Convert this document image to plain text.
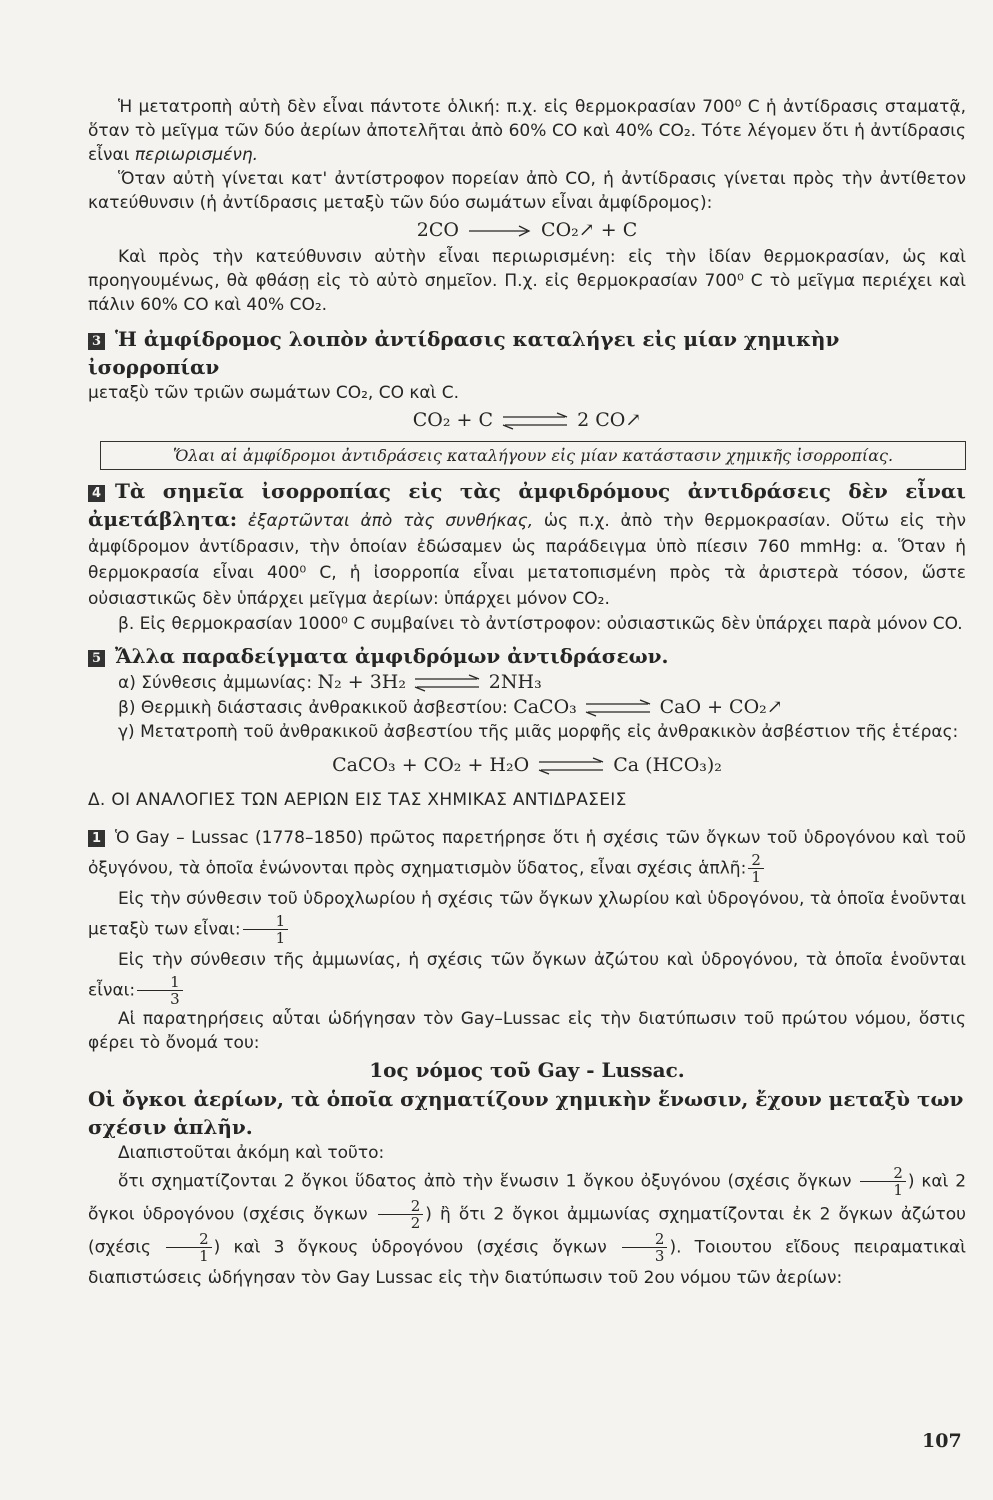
Ἡ μετατροπὴ αὐτὴ δὲν εἶναι πάντοτε ὁλική: π.χ. εἰς θερμοκρασίαν 700⁰ C ἡ ἀντίδρασις σταματᾷ, ὅταν τὸ μεῖγμα τῶν δύο ἀερίων ἀποτελῆται ἀπὸ 60% CO καὶ 40% CO₂. Τότε λέγομεν ὅτι ἡ ἀντίδρασις εἶναι περιωρισμένη.

Ὅταν αὐτὴ γίνεται κατ' ἀντίστροφον πορείαν ἀπὸ CO, ἡ ἀντίδρασις γίνεται πρὸς τὴν ἀντίθετον κατεύθυνσιν (ἡ ἀντίδρασις μεταξὺ τῶν δύο σωμάτων εἶναι ἀμφίδρομος):

2CO	CO₂↗ + C

Καὶ πρὸς τὴν κατεύθυνσιν αὐτὴν εἶναι περιωρισμένη: εἰς τὴν ἰδίαν θερμοκρασίαν, ὡς καὶ προηγουμένως, θὰ φθάσῃ εἰς τὸ αὐτὸ σημεῖον. Π.χ. εἰς θερμοκρασίαν 700⁰ C τὸ μεῖγμα περιέχει καὶ πάλιν 60% CO καὶ 40% CO₂.

3 Ἡ ἀμφίδρομος λοιπὸν ἀντίδρασις καταλήγει εἰς μίαν χημικὴν ἰσορροπίαν

μεταξὺ τῶν τριῶν σωμάτων CO₂, CO καὶ C.

CO₂ + C ⇌ 2 CO↗
Ὅλαι αἱ ἀμφίδρομοι ἀντιδράσεις καταλήγουν εἰς μίαν κατάστασιν χημικῆς ἰσορροπίας.

4 Τὰ σημεῖα ἰσορροπίας εἰς τὰς ἀμφιδρόμους ἀντιδράσεις δὲν εἶναι ἀμετάβλητα: ἐξαρτῶνται ἀπὸ τὰς συνθήκας, ὡς π.χ. ἀπὸ τὴν θερμοκρασίαν. Οὕτω εἰς τὴν ἀμφίδρομον ἀντίδρασιν, τὴν ὁποίαν ἐδώσαμεν ὡς παράδειγμα ὑπὸ πίεσιν 760 mmHg: α. Ὅταν ἡ θερμοκρασία εἶναι 400⁰ C, ἡ ἰσορροπία εἶναι μετατοπισμένη πρὸς τὰ ἀριστερὰ τόσον, ὥστε οὐσιαστικῶς δὲν ὑπάρχει μεῖγμα ἀερίων: ὑπάρχει μόνον CO₂.

β. Εἰς θερμοκρασίαν 1000⁰ C συμβαίνει τὸ ἀντίστροφον: οὐσιαστικῶς δὲν ὑπάρχει παρὰ μόνον CO.

5 Ἄλλα παραδείγματα ἀμφιδρόμων ἀντιδράσεων.

α) Σύνθεσις ἀμμωνίας: N₂ + 3H₂	2NH₃

β) Θερμικὴ διάστασις ἀνθρακικοῦ ἀσβεστίου: CaCO₃	CaO + CO₂↗

γ) Μετατροπὴ τοῦ ἀνθρακικοῦ ἀσβεστίου τῆς μιᾶς μορφῆς εἰς ἀνθρακικὸν ἀσβέστιον τῆς ἑτέρας:

CaCO₃ + CO₂ + H₂O ⇌ Ca (HCO₃)₂

Δ. ΟΙ ΑΝΑΛΟΓΙΕΣ ΤΩΝ ΑΕΡΙΩΝ ΕΙΣ ΤΑΣ ΧΗΜΙΚΑΣ ΑΝΤΙΔΡΑΣΕΙΣ

1 Ὁ Gay – Lussac (1778–1850) πρῶτος παρετήρησε ὅτι ἡ σχέσις τῶν ὄγκων τοῦ ὑδρογόνου καὶ τοῦ ὀξυγόνου, τὰ ὁποῖα ἑνώνονται πρὸς σχηματισμὸν ὕδατος, εἶναι σχέσις ἁπλῆ: $\frac{2}{1}$

Εἰς τὴν σύνθεσιν τοῦ ὑδροχλωρίου ἡ σχέσις τῶν ὄγκων χλωρίου καὶ ὑδρογόνου, τὰ ὁποῖα ἑνοῦνται μεταξὺ των εἶναι: $\frac{1}{1}$

Εἰς τὴν σύνθεσιν τῆς ἀμμωνίας, ἡ σχέσις τῶν ὄγκων ἀζώτου καὶ ὑδρογόνου, τὰ ὁποῖα ἑνοῦνται εἶναι: $\frac{1}{3}$

Αἱ παρατηρήσεις αὗται ὡδήγησαν τὸν Gay–Lussac εἰς τὴν διατύπωσιν τοῦ πρώτου νόμου, ὅστις φέρει τὸ ὄνομά του:

1ος νόμος τοῦ Gay - Lussac.

Οἱ ὄγκοι ἀερίων, τὰ ὁποῖα σχηματίζουν χημικὴν ἕνωσιν, ἔχουν μεταξὺ των σχέσιν ἁπλῆν.

Διαπιστοῦται ἀκόμη καὶ τοῦτο:

ὅτι σχηματίζονται 2 ὄγκοι ὕδατος ἀπὸ τὴν ἕνωσιν 1 ὄγκου ὀξυγόνου (σχέσις ὄγκων $\frac{2}{1}$ ) καὶ 2 ὄγκοι ὑδρογόνου (σχέσις ὄγκων $\frac{2}{2}$ ) ἢ ὅτι 2 ὄγκοι ἀμμωνίας σχηματίζονται ἐκ 2 ὄγκων ἀζώτου ($\sigma\chi έ\sigma\iota\varsigma \frac{2}{1}$ ) καὶ 3 ὄγκους ὑδρογόνου (σχέσις ὄγκων $\frac{2}{3}$ ). Τοιουτου εἴδους πειραματικαὶ διαπιστώσεις ὡδήγησαν τὸν Gay Lussac εἰς τὴν διατύπωσιν τοῦ 2ου νόμου τῶν ἀερίων:

107
